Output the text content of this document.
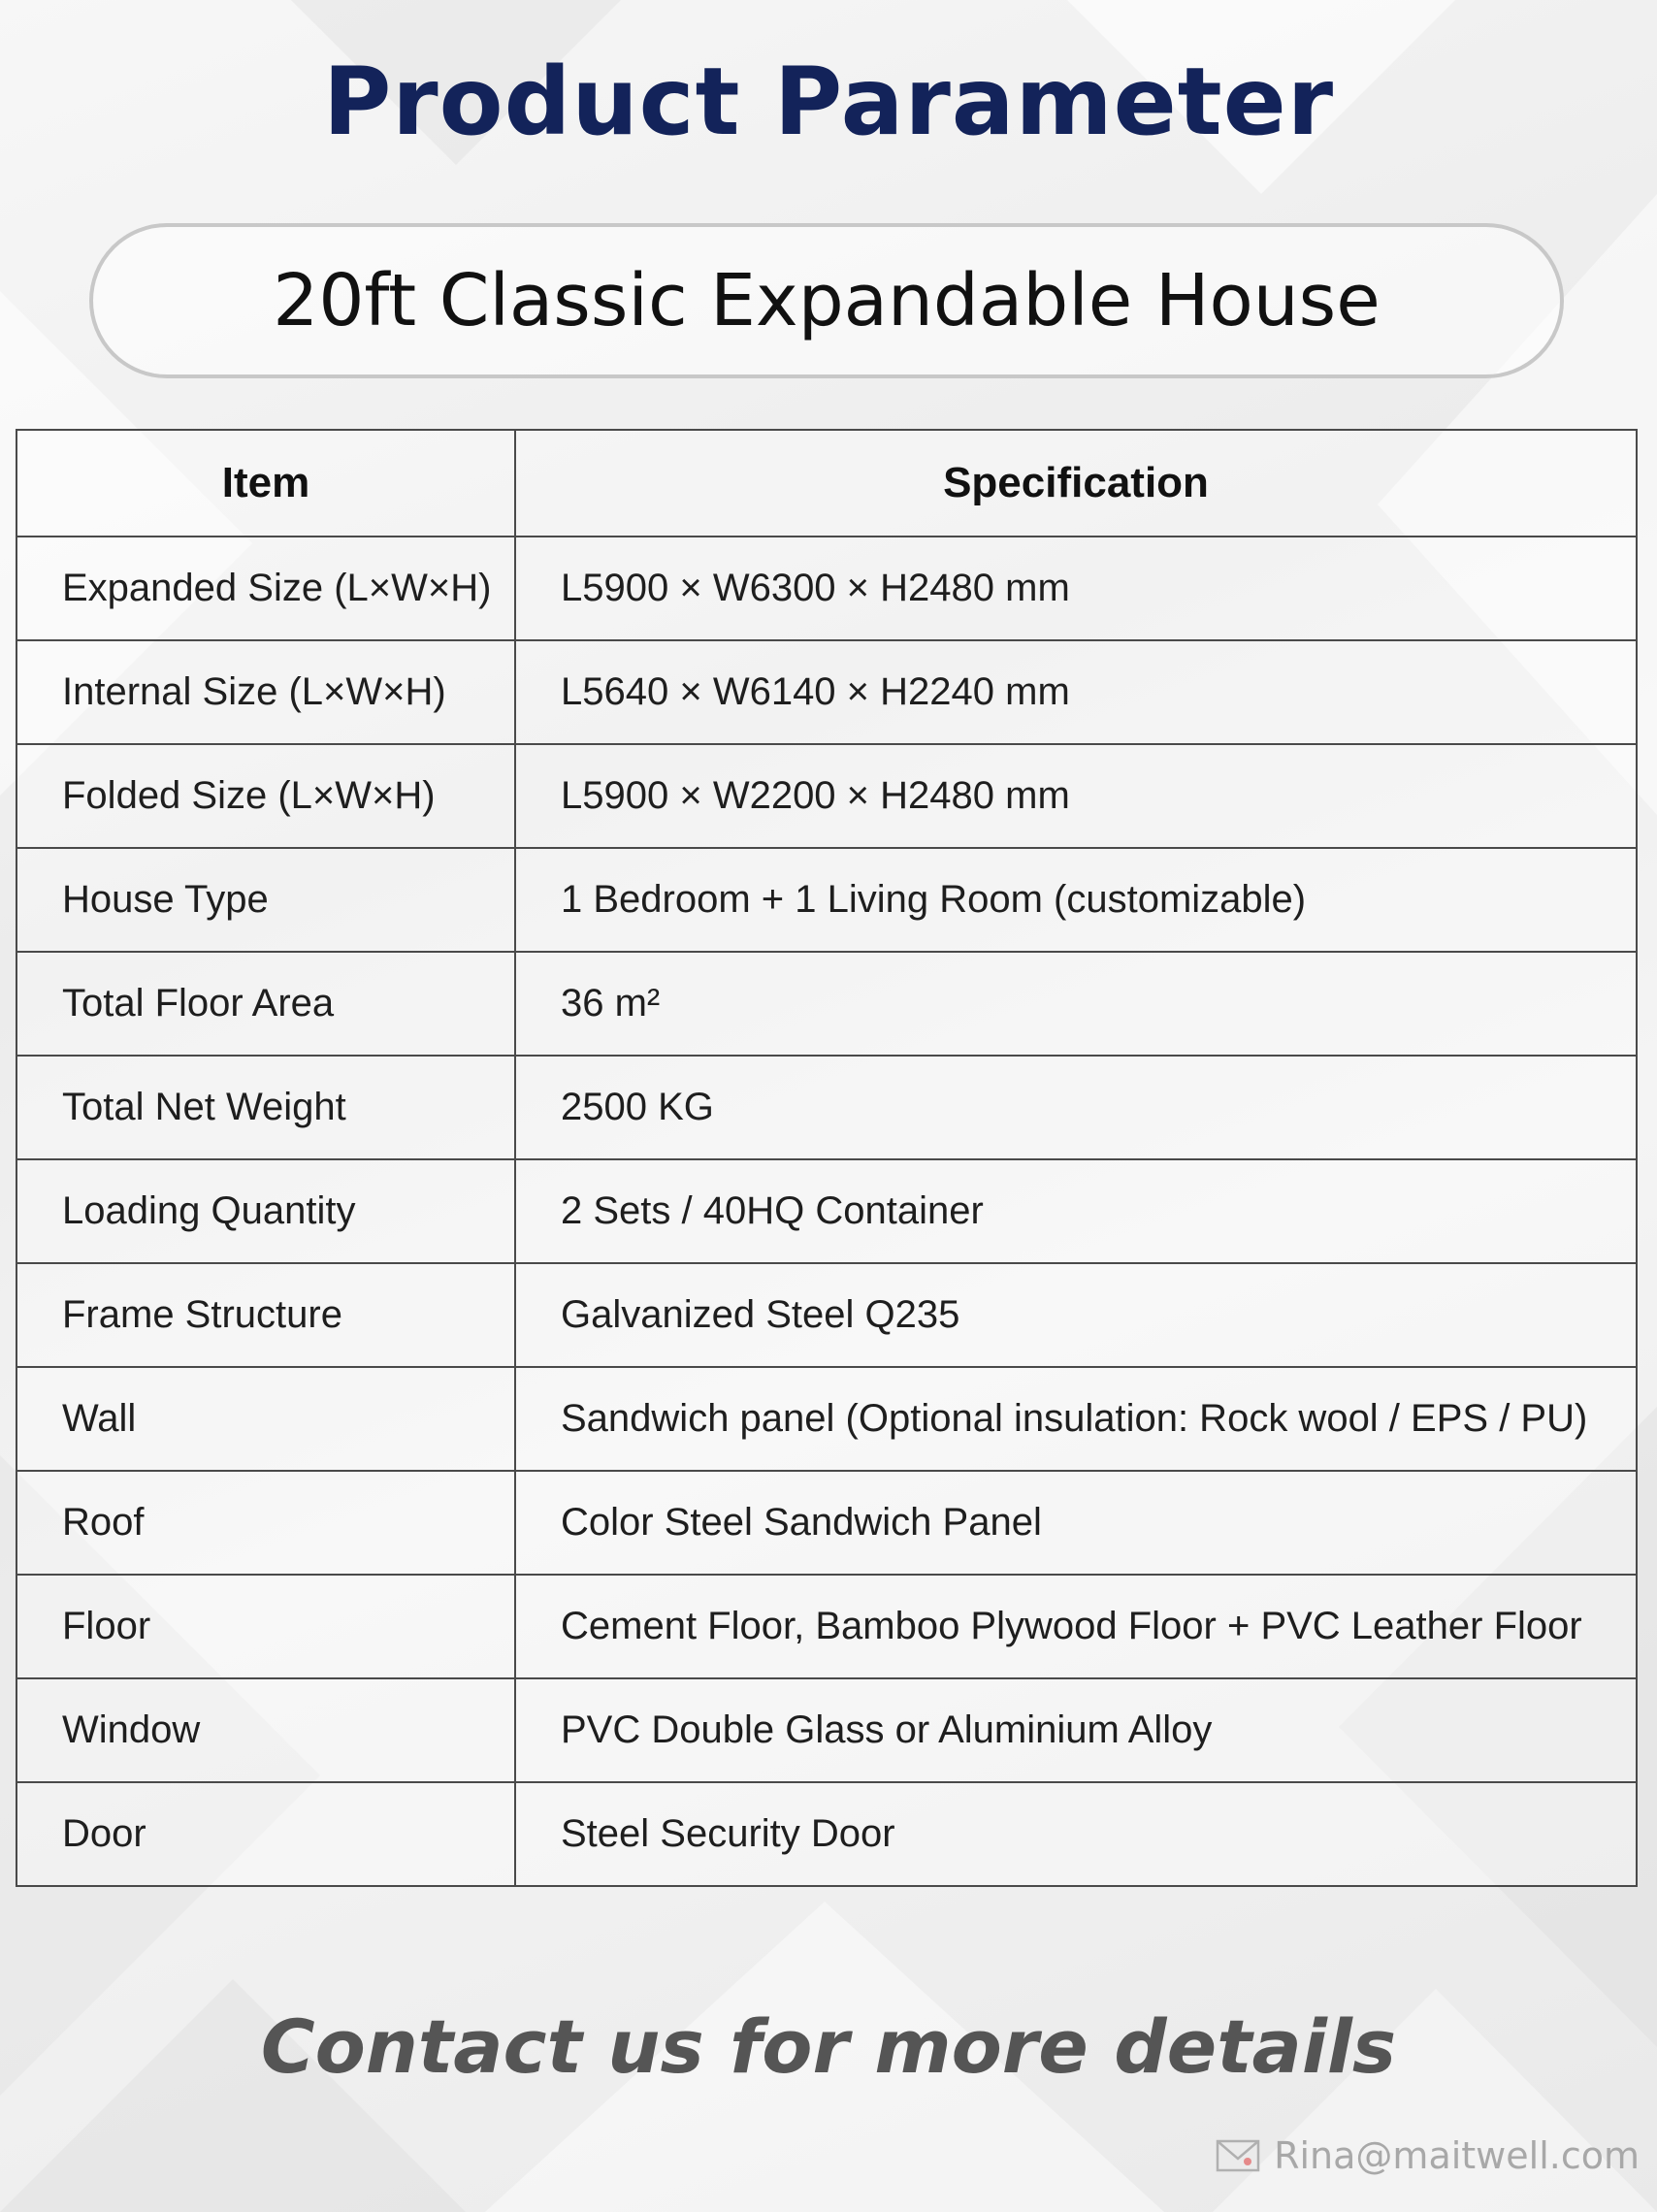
Product Parameter
20ft Classic Expandable House
Item	Specification
Expanded Size (L×W×H)	L5900 × W6300 × H2480 mm
Internal Size (L×W×H)	L5640 × W6140 × H2240 mm
Folded Size (L×W×H)	L5900 × W2200 × H2480 mm
House Type	1 Bedroom + 1 Living Room (customizable)
Total Floor Area	36 m²
Total Net Weight	2500 KG
Loading Quantity	2 Sets / 40HQ Container
Frame Structure	Galvanized Steel Q235
Wall	Sandwich panel (Optional insulation: Rock wool / EPS / PU)
Roof	Color Steel Sandwich Panel
Floor	Cement Floor, Bamboo Plywood Floor + PVC Leather Floor
Window	PVC Double Glass or Aluminium Alloy
Door	Steel Security Door
Contact us for more details
Rina@maitwell.com
